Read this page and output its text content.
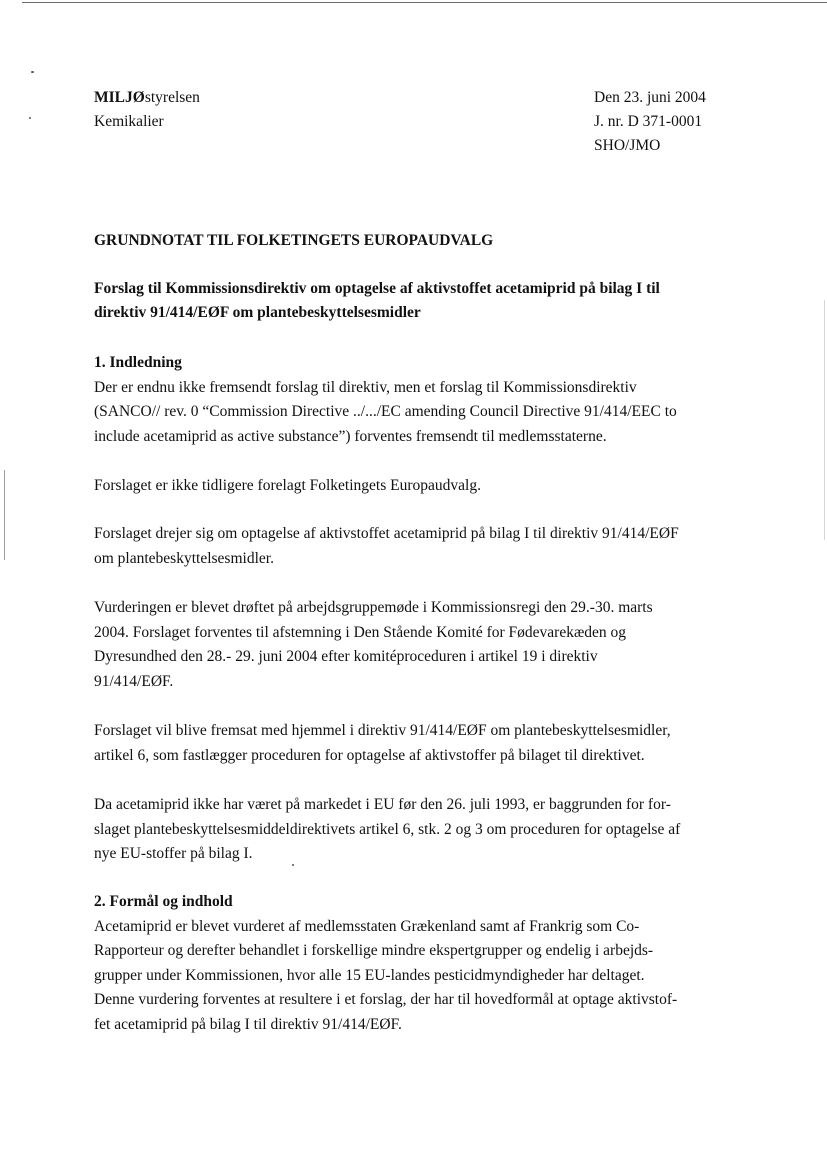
MILJØstyrelsen
Kemikalier
Den 23. juni 2004
J. nr. D 371-0001
SHO/JMO
GRUNDNOTAT TIL FOLKETINGETS EUROPAUDVALG
Forslag til Kommissionsdirektiv om optagelse af aktivstoffet acetamiprid på bilag I til
direktiv 91/414/EØF om plantebeskyttelsesmidler
1. Indledning
Der er endnu ikke fremsendt forslag til direktiv, men et forslag til Kommissionsdirektiv
(SANCO// rev. 0 “Commission Directive ../.../EC amending Council Directive 91/414/EEC to
include acetamiprid as active substance”) forventes fremsendt til medlemsstaterne.
Forslaget er ikke tidligere forelagt Folketingets Europaudvalg.
Forslaget drejer sig om optagelse af aktivstoffet acetamiprid på bilag I til direktiv 91/414/EØF
om plantebeskyttelsesmidler.
Vurderingen er blevet drøftet på arbejdsgruppemøde i Kommissionsregi den 29.-30. marts
2004. Forslaget forventes til afstemning i Den Stående Komité for Fødevarekæden og
Dyresundhed den 28.- 29. juni 2004 efter komitéproceduren i artikel 19 i direktiv
91/414/EØF.
Forslaget vil blive fremsat med hjemmel i direktiv 91/414/EØF om plantebeskyttelsesmidler,
artikel 6, som fastlægger proceduren for optagelse af aktivstoffer på bilaget til direktivet.
Da acetamiprid ikke har været på markedet i EU før den 26. juli 1993, er baggrunden for for-
slaget plantebeskyttelsesmiddeldirektivets artikel 6, stk. 2 og 3 om proceduren for optagelse af
nye EU-stoffer på bilag I.
2. Formål og indhold
Acetamiprid er blevet vurderet af medlemsstaten Grækenland samt af Frankrig som Co-
Rapporteur og derefter behandlet i forskellige mindre ekspertgrupper og endelig i arbejds-
grupper under Kommissionen, hvor alle 15 EU-landes pesticidmyndigheder har deltaget.
Denne vurdering forventes at resultere i et forslag, der har til hovedformål at optage aktivstof-
fet acetamiprid på bilag I til direktiv 91/414/EØF.
